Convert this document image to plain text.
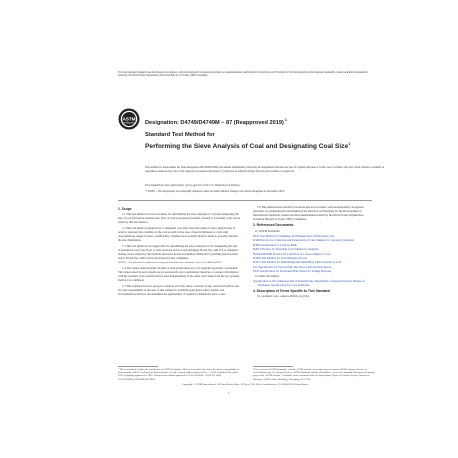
This international standard was developed in accordance with internationally recognized principles on standardization established in the Decision on Principles for the Development of International Standards, Guides and Recommendations issued by the World Trade Organization Technical Barriers to Trade (TBT) Committee.
ASTM
INTERNATIONAL Designation: D4749/D4749M − 87 (Reapproved 2019)$^{´1}$
Standard Test Method for
Performing the Sieve Analysis of Coal and Designating Coal Size$^1$
This standard is issued under the fixed designation D4749/D4749M; the number immediately following the designation indicates the year of original adoption or, in the case of revision, the year of last revision. A number in parentheses indicates the year of last reapproval. A superscript epsilon (´) indicates an editorial change since the last revision or reapproval.
This standard has been approved for use by agencies of the U.S. Department of Defense.
´1 NOTE—The designation was editorially updated to dual and other editorial changes were made throughout in December 2019.
1. Scope
1.1 This test method covers procedures for determining the sieve analysis of coal and designating the size of coal from sieve analysis data. Raw as well as prepared (crushed, cleaned or screened) coals can be tested by this test method.
1.2 This test method explains how to designate coal sizes from the results of sieve analysis data in order to represent the condition of the coal as sold. In the case of special mixtures or coals with noncontinuous ranges of sizes, a sufficiently complete sieve analysis must be made to properly describe the size distribution.
1.3 This test method is not applicable for determining the sieve analysis nor for designating the size of pulverized coal. (See Note 1.) Size fractions down to and including 38 µm (No. 400 U.S.A. Standard Series) can be treated by the methods discussed in this test method. Methods for handling size fractions below 38 µm (No. 400) will be developed by this committee.
NOTE 1—For pulverized or pulverized coal go to fixed time sieve fractions, refer to Test Method D197.
1.4 The values stated in either SI units or inch-pound units are to be regarded separately as standard. The values stated in each system are not necessarily exact equivalents; therefore, to ensure conformance with the standard, each system shall be used independently of the other, and values from the two systems shall not be combined.
1.5 This standard does not purport to address all of the safety concerns, if any, associated with its use. It is the responsibility of the user of this standard to establish appropriate safety, health, and environmental practices and determine the applicability of regulatory limitations prior to use.
1.6 This international standard was developed in accordance with internationally recognized principles on standardization established in the Decision on Principles for the Development of International Standards, Guides and Recommendations issued by the World Trade Organization Technical Barriers to Trade (TBT) Committee.
2. Referenced Documents
2.1 ASTM Standards:
D197 Test Method for Sampling and Fineness Test of Pulverized Coal
D346 Practice for Collection and Preparation of Coke Samples for Laboratory Analysis
D388 Classification of Coals by Rank
D2013 Practice for Preparing Coal Samples for Analysis
D2234/D2234M Practice for Collection of a Gross Sample of Coal
D3302 Test Method for Total Moisture in Coal
D4371 Test Method for Determining the Washability Characteristics of Coal
E11 Specification for Woven Wire Test Sieve Cloth and Test Sieves
E323 Specification for Perforated-Plate Sieves for Testing Purposes
2.2 Other Document:
Specification G-56 Commonwealth of Pennsylvania, Department of General Services, Bureau of Purchases, Specification for Coal-Anthracite
3. Description of Terms Specific to This Standard
3.1 as-mined coal—same as ROM coal (3.6).
¹ This test method is under the jurisdiction of ASTM Committee D05 on Coal and Coke and is the direct responsibility of Subcommittee D05.07 on Physical Characteristics of Coal. Current edition approved Dec. 1, 2019. Published December 2019. Originally approved in 1987. Last previous edition approved in 2012 as D4749 – 87(2012). DOI: 10.1520/D4749_D4749M-87R19E01.
² For referenced ASTM standards, visit the ASTM website, www.astm.org, or contact ASTM Customer Service at service@astm.org. For Annual Book of ASTM Standards volume information, refer to the standard's Document Summary page on the ASTM website. ³ Available from Commonwealth of Pennsylvania, Dept. of General Services, Bureau of Purchases, 414 N. Office Building, Harrisburg, PA 17125.
Copyright © ASTM International, 100 Barr Harbor Drive, PO Box C700, West Conshohocken, PA 19428-2959. United States
1
